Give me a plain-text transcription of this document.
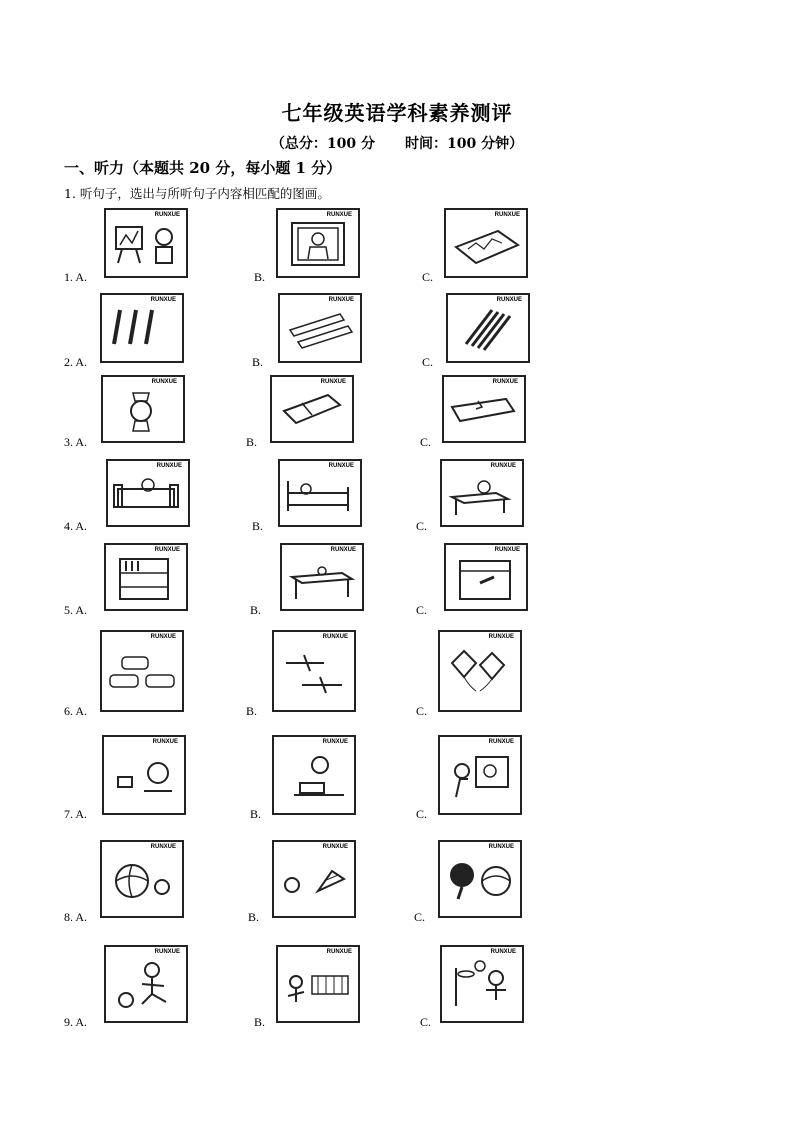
七年级英语学科素养测评
（总分：100 分 时间：100 分钟）
一、听力（本题共 20 分，每小题 1 分）
1. 听句子，选出与所听句子内容相匹配的图画。
1. A.
RUNXUE
B.
RUNXUE
C.
RUNXUE
2. A.
RUNXUE
B.
RUNXUE
C.
RUNXUE
3. A.
RUNXUE
B.
RUNXUE
C.
RUNXUE
4. A.
RUNXUE
B.
RUNXUE
C.
RUNXUE
5. A.
RUNXUE
B.
RUNXUE
C.
RUNXUE
6. A.
RUNXUE
B.
RUNXUE
C.
RUNXUE
7. A.
RUNXUE
B.
RUNXUE
C.
RUNXUE
8. A.
RUNXUE
B.
RUNXUE
C.
RUNXUE
9. A.
RUNXUE
B.
RUNXUE
C.
RUNXUE
